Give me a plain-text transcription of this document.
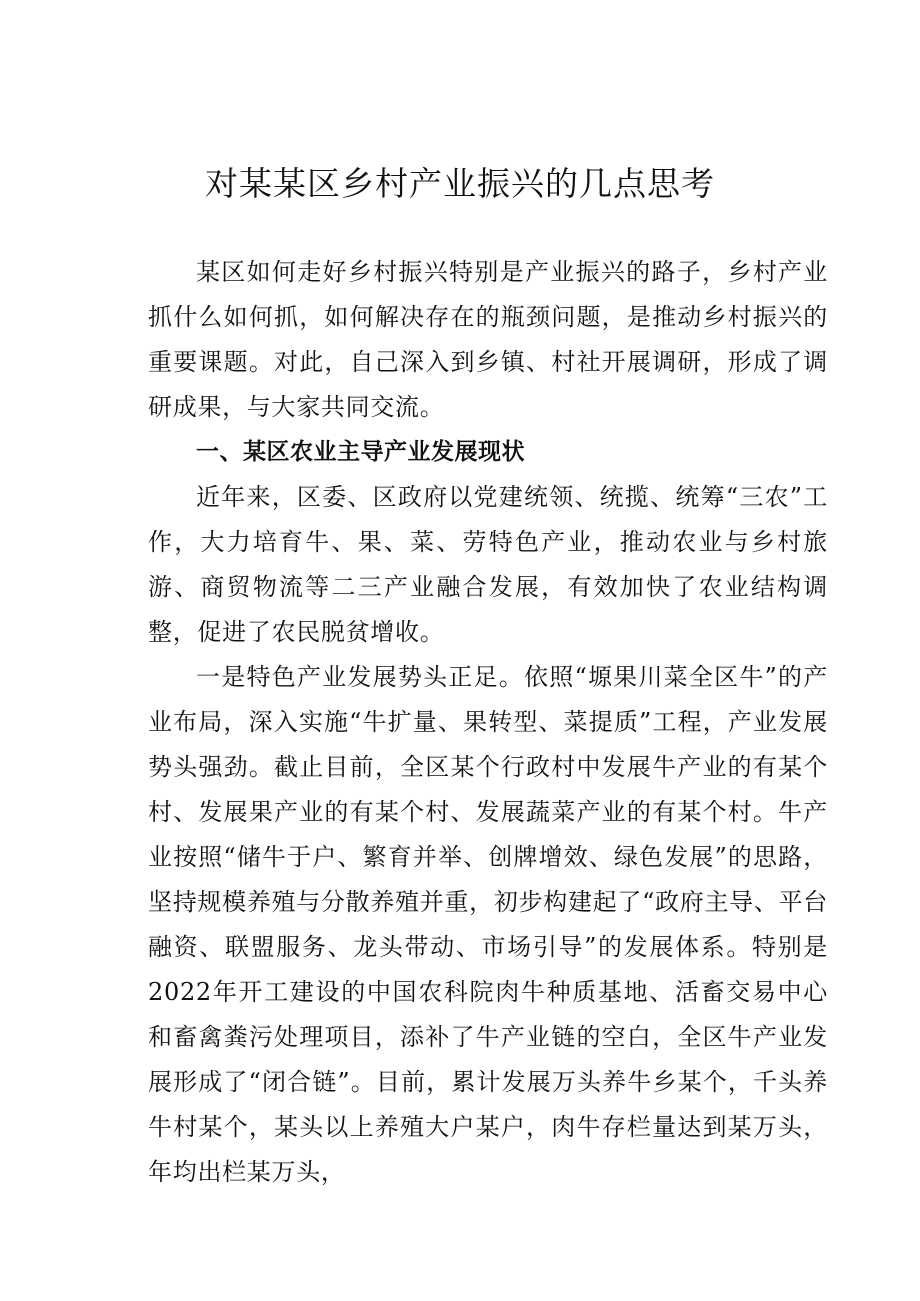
对某某区乡村产业振兴的几点思考

某区如何走好乡村振兴特别是产业振兴的路子，乡村产业抓什么如何抓，如何解决存在的瓶颈问题，是推动乡村振兴的重要课题。对此，自己深入到乡镇、村社开展调研，形成了调研成果，与大家共同交流。

一、某区农业主导产业发展现状

近年来，区委、区政府以党建统领、统揽、统筹“三农”工作，大力培育牛、果、菜、劳特色产业，推动农业与乡村旅游、商贸物流等二三产业融合发展，有效加快了农业结构调整，促进了农民脱贫增收。

一是特色产业发展势头正足。依照“塬果川菜全区牛”的产业布局，深入实施“牛扩量、果转型、菜提质”工程，产业发展势头强劲。截止目前，全区某个行政村中发展牛产业的有某个村、发展果产业的有某个村、发展蔬菜产业的有某个村。牛产业按照“储牛于户、繁育并举、创牌增效、绿色发展”的思路，坚持规模养殖与分散养殖并重，初步构建起了“政府主导、平台融资、联盟服务、龙头带动、市场引导”的发展体系。特别是2022年开工建设的中国农科院肉牛种质基地、活畜交易中心和畜禽粪污处理项目，添补了牛产业链的空白，全区牛产业发展形成了“闭合链”。目前，累计发展万头养牛乡某个，千头养牛村某个，某头以上养殖大户某户，肉牛存栏量达到某万头，年均出栏某万头，
